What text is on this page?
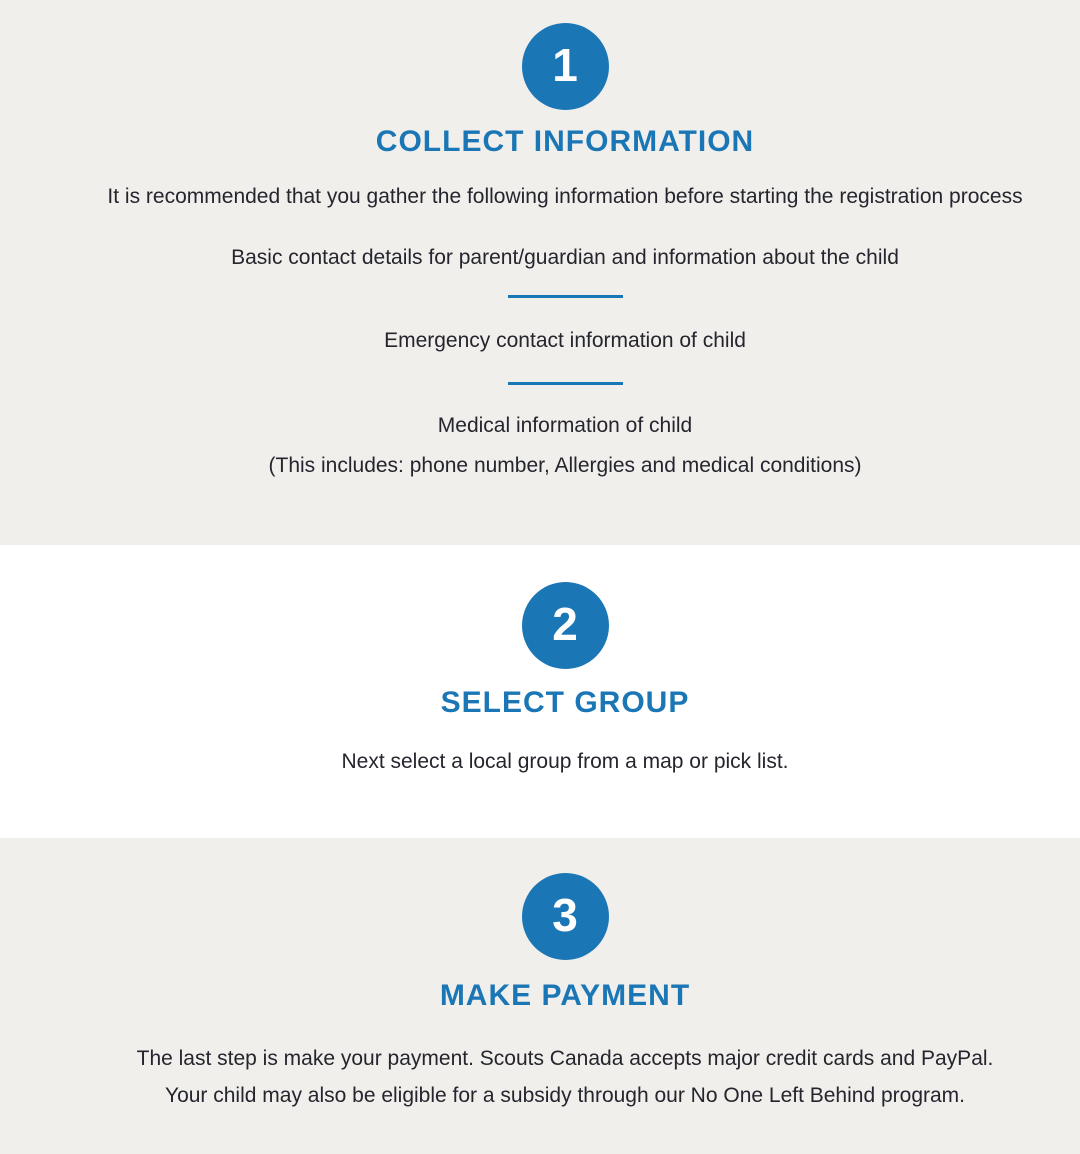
1
COLLECT INFORMATION

It is recommended that you gather the following information before starting the registration process

Basic contact details for parent/guardian and information about the child

Emergency contact information of child

Medical information of child

(This includes: phone number, Allergies and medical conditions)

2
SELECT GROUP

Next select a local group from a map or pick list.

3
MAKE PAYMENT

The last step is make your payment. Scouts Canada accepts major credit cards and PayPal.

Your child may also be eligible for a subsidy through our No One Left Behind program.
